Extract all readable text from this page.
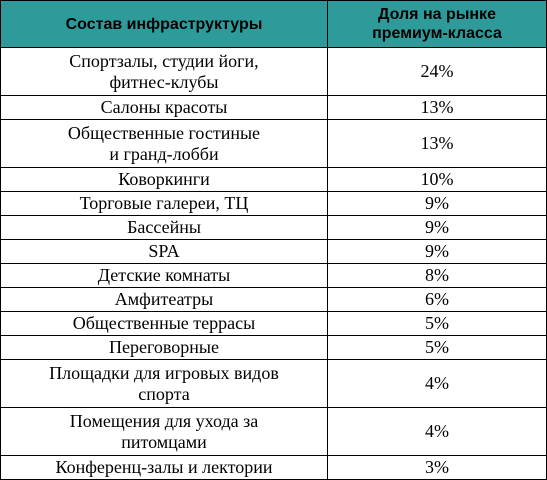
Состав инфраструктуры	Доля на рынке
премиум-класса

Спортзалы, студии йоги,
фитнес-клубы	24%

Салоны красоты	13%

Общественные гостиные
и гранд-лобби	13%

Коворкинги	10%

Торговые галереи, ТЦ	9%

Бассейны	9%

SPA	9%

Детские комнаты	8%

Амфитеатры	6%

Общественные террасы	5%

Переговорные	5%

Площадки для игровых видов
спорта	4%

Помещения для ухода за
питомцами	4%

Конференц-залы и лектории	3%
